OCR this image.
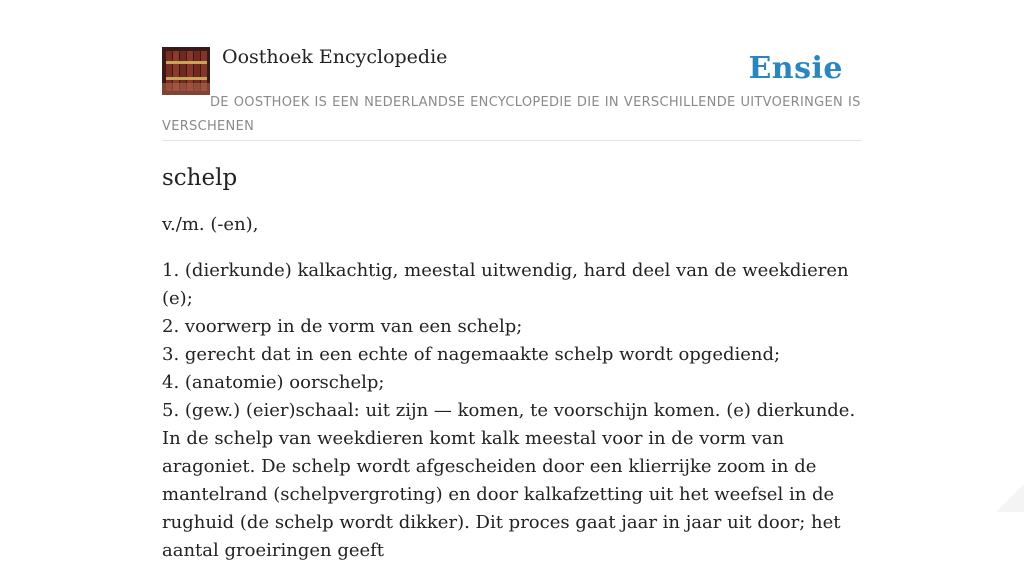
Oosthoek Encyclopedie	Ensie
DE OOSTHOEK IS EEN NEDERLANDSE ENCYCLOPEDIE DIE IN VERSCHILLENDE UITVOERINGEN IS VERSCHENEN
schelp

v./m. (-en),

1. (dierkunde) kalkachtig, meestal uitwendig, hard deel van de weekdieren (e);
2. voorwerp in de vorm van een schelp;
3. gerecht dat in een echte of nagemaakte schelp wordt opgediend;
4. (anatomie) oorschelp;
5. (gew.) (eier)schaal: uit zijn — komen, te voorschijn komen. (e) dierkunde. In de schelp van weekdieren komt kalk meestal voor in de vorm van aragoniet. De schelp wordt afgescheiden door een klierrijke zoom in de mantelrand (schelpvergroting) en door kalkafzetting uit het weefsel in de rughuid (de schelp wordt dikker). Dit proces gaat jaar in jaar uit door; het aantal groeiringen geeft
